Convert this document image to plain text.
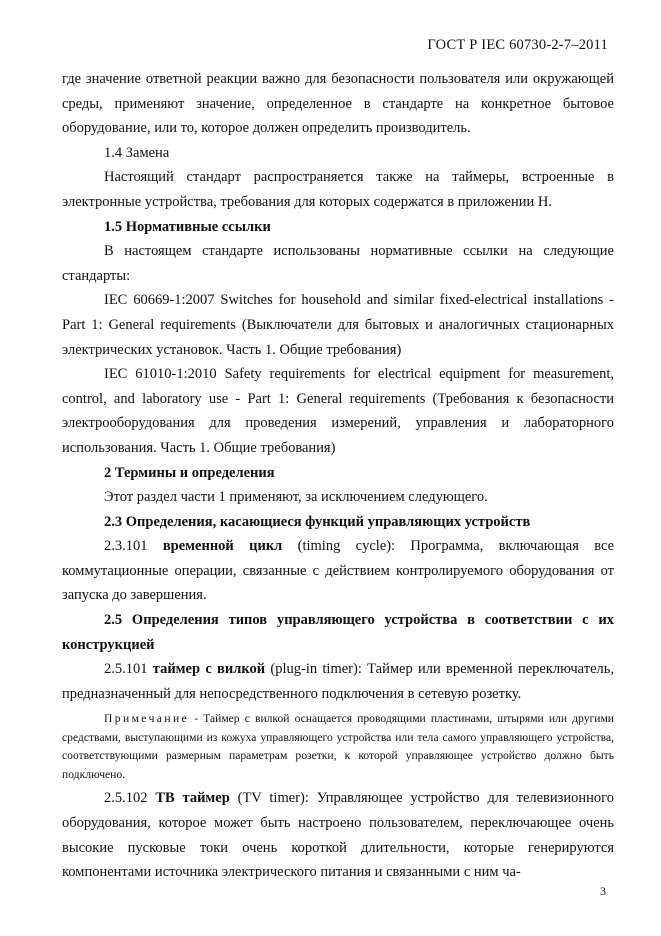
ГОСТ Р IEC 60730-2-7–2011

где значение ответной реакции важно для безопасности пользователя или окружающей среды, применяют значение, определенное в стандарте на конкретное бытовое оборудование, или то, которое должен определить производитель.

1.4 Замена

Настоящий стандарт распространяется также на таймеры, встроенные в электронные устройства, требования для которых содержатся в приложении Н.

1.5 Нормативные ссылки

В настоящем стандарте использованы нормативные ссылки на следующие стандарты:

IEC 60669-1:2007 Switches for household and similar fixed-electrical installations - Part 1: General requirements (Выключатели для бытовых и аналогичных стационарных электрических установок. Часть 1. Общие требования)

IEC 61010-1:2010 Safety requirements for electrical equipment for measurement, control, and laboratory use - Part 1: General requirements (Требования к безопасности электрооборудования для проведения измерений, управления и лабораторного использования. Часть 1. Общие требования)

2 Термины и определения

Этот раздел части 1 применяют, за исключением следующего.

2.3 Определения, касающиеся функций управляющих устройств

2.3.101 временной цикл (timing cycle): Программа, включающая все коммутационные операции, связанные с действием контролируемого оборудования от запуска до завершения.

2.5 Определения типов управляющего устройства в соответствии с их конструкцией

2.5.101 таймер с вилкой (plug-in timer): Таймер или временной переключатель, предназначенный для непосредственного подключения в сетевую розетку.

Примечание - Таймер с вилкой оснащается проводящими пластинами, штырями или другими средствами, выступающими из кожуха управляющего устройства или тела самого управляющего устройства, соответствующими размерным параметрам розетки, к которой управляющее устройство должно быть подключено.

2.5.102 ТВ таймер (TV timer): Управляющее устройство для телевизионного оборудования, которое может быть настроено пользователем, переключающее очень высокие пусковые токи очень короткой длительности, которые генерируются компонентами источника электрического питания и связанными с ним ча-

3
